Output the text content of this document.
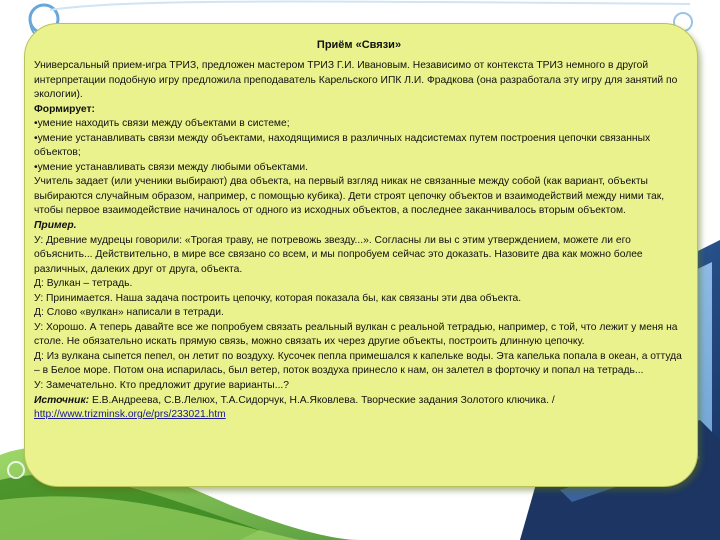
Приём «Связи»

Универсальный прием-игра ТРИЗ, предложен мастером ТРИЗ Г.И. Ивановым. Независимо от контекста ТРИЗ немного в другой интерпретации подобную игру предложила преподаватель Карельского ИПК Л.И. Фрадкова (она разработала эту игру для занятий по экологии).

Формирует:
•умение находить связи между объектами в системе;
•умение устанавливать связи между объектами, находящимися в различных надсистемах путем построения цепочки связанных объектов;
•умение устанавливать связи между любыми объектами.

Учитель задает (или ученики выбирают) два объекта, на первый взгляд никак не связанные между собой (как вариант, объекты выбираются случайным образом, например, с помощью кубика). Дети строят цепочку объектов и взаимодействий между ними так, чтобы первое взаимодействие начиналось от одного из исходных объектов, а последнее заканчивалось вторым объектом.

Пример.

У: Древние мудрецы говорили: «Трогая траву, не потревожь звезду...». Согласны ли вы с этим утверждением, можете ли его объяснить... Действительно, в мире все связано со всем, и мы попробуем сейчас это доказать. Назовите два как можно более различных, далеких друг от друга, объекта.

Д: Вулкан – тетрадь.
У: Принимается. Наша задача построить цепочку, которая показала бы, как связаны эти два объекта.
Д: Слово «вулкан» написали в тетради.

У: Хорошо. А теперь давайте все же попробуем связать реальный вулкан с реальной тетрадью, например, с той, что лежит у меня на столе. Не обязательно искать прямую связь, можно связать их через другие объекты, построить длинную цепочку.

Д: Из вулкана сыпется пепел, он летит по воздуху. Кусочек пепла примешался к капельке воды. Эта капелька попала в океан, а оттуда – в Белое море. Потом она испарилась, был ветер, поток воздуха принесло к нам, он залетел в форточку и попал на тетрадь...

У: Замечательно. Кто предложит другие варианты...?
Источник: Е.В.Андреева, С.В.Лелюх, Т.А.Сидорчук, Н.А.Яковлева. Творческие задания Золотого ключика. /
http://www.trizminsk.org/e/prs/233021.htm
